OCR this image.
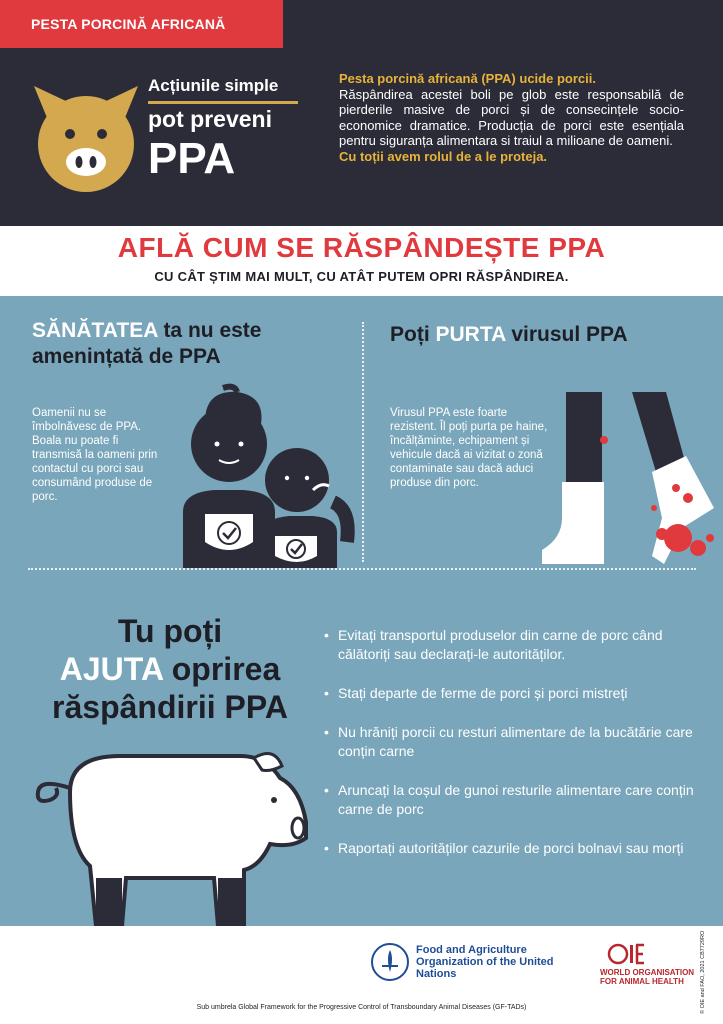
PESTA PORCINĂ AFRICANĂ
Acțiunile simple
pot preveni
PPA
Pesta porcină africană (PPA) ucide porcii.
Răspândirea acestei boli pe glob este responsabilă de pierderile masive de porci și de consecințele socio-economice dramatice. Producția de porci este esențiala pentru siguranța alimentara si traiul a milioane de oameni.
Cu toții avem rolul de a le proteja.
AFLĂ CUM SE RĂSPÂNDEȘTE PPA
CU CÂT ȘTIM MAI MULT, CU ATÂT PUTEM OPRI RĂSPÂNDIREA.
SĂNĂTATEA ta nu este amenințată de PPA
Oamenii nu se îmbolnăvesc de PPA. Boala nu poate fi transmisă la oameni prin contactul cu porci sau consumând produse de porc.
Poți PURTA virusul PPA
Virusul PPA este foarte rezistent. Îl poți purta pe haine, încălțăminte, echipament și vehicule dacă ai vizitat o zonă contaminate sau dacă aduci produse din porc.
Tu poți
AJUTA oprirea
răspândirii PPA
• Evitați transportul produselor din carne de porc când călătoriți sau declarați-le autorităților.
• Stați departe de ferme de porci și porci mistreți
• Nu hrăniți porcii cu resturi alimentare de la bucătărie care conțin carne
• Aruncați la coșul de gunoi resturile alimentare care conțin carne de porc
• Raportați autorităților cazurile de porci bolnavi sau morți
Food and Agriculture Organization of the United Nations	WORLD ORGANISATION FOR ANIMAL HEALTH
Sub umbrela Global Framework for the Progressive Control of Transboundary Animal Diseases (GF-TADs)	© OIE and FAO, 2021 CB7729RO
